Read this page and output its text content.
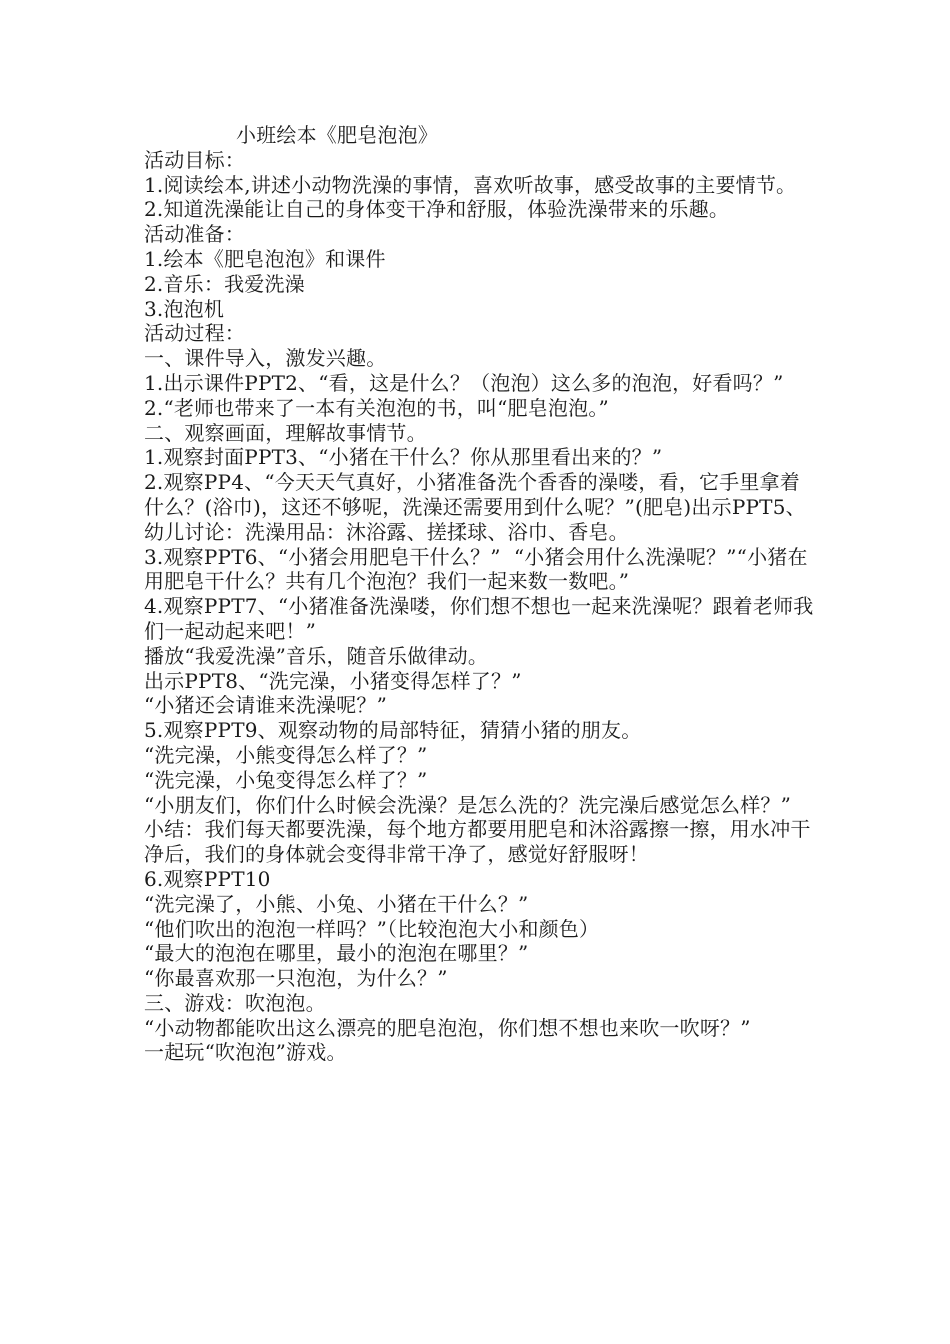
小班绘本《肥皂泡泡》
活动目标：
1.阅读绘本,讲述小动物洗澡的事情，喜欢听故事，感受故事的主要情节。
2.知道洗澡能让自己的身体变干净和舒服，体验洗澡带来的乐趣。
活动准备：
1.绘本《肥皂泡泡》和课件
2.音乐：我爱洗澡
3.泡泡机
活动过程：
一、课件导入，激发兴趣。
1.出示课件PPT2、“看，这是什么？（泡泡）这么多的泡泡，好看吗？”
2.“老师也带来了一本有关泡泡的书，叫“肥皂泡泡。”
二、观察画面，理解故事情节。
1.观察封面PPT3、“小猪在干什么？你从那里看出来的？”
2.观察PP4、“今天天气真好，小猪准备洗个香香的澡喽，看，它手里拿着什么？(浴巾)，这还不够呢，洗澡还需要用到什么呢？”(肥皂)出示PPT5、幼儿讨论：洗澡用品：沐浴露、搓揉球、浴巾、香皂。
3.观察PPT6、“小猪会用肥皂干什么？”  “小猪会用什么洗澡呢？”“小猪在用肥皂干什么？共有几个泡泡？我们一起来数一数吧。”
4.观察PPT7、“小猪准备洗澡喽，你们想不想也一起来洗澡呢？跟着老师我们一起动起来吧！”
播放“我爱洗澡”音乐，随音乐做律动。
出示PPT8、“洗完澡，小猪变得怎样了？”
“小猪还会请谁来洗澡呢？”
5.观察PPT9、观察动物的局部特征，猜猜小猪的朋友。
“洗完澡，小熊变得怎么样了？”
“洗完澡，小兔变得怎么样了？”
“小朋友们，你们什么时候会洗澡？是怎么洗的？洗完澡后感觉怎么样？”
小结：我们每天都要洗澡，每个地方都要用肥皂和沐浴露擦一擦，用水冲干净后，我们的身体就会变得非常干净了，感觉好舒服呀！
6.观察PPT10
“洗完澡了，小熊、小兔、小猪在干什么？”
“他们吹出的泡泡一样吗？”（比较泡泡大小和颜色）
“最大的泡泡在哪里，最小的泡泡在哪里？”
“你最喜欢那一只泡泡，为什么？”
三、游戏：吹泡泡。
“小动物都能吹出这么漂亮的肥皂泡泡，你们想不想也来吹一吹呀？”
一起玩“吹泡泡”游戏。
